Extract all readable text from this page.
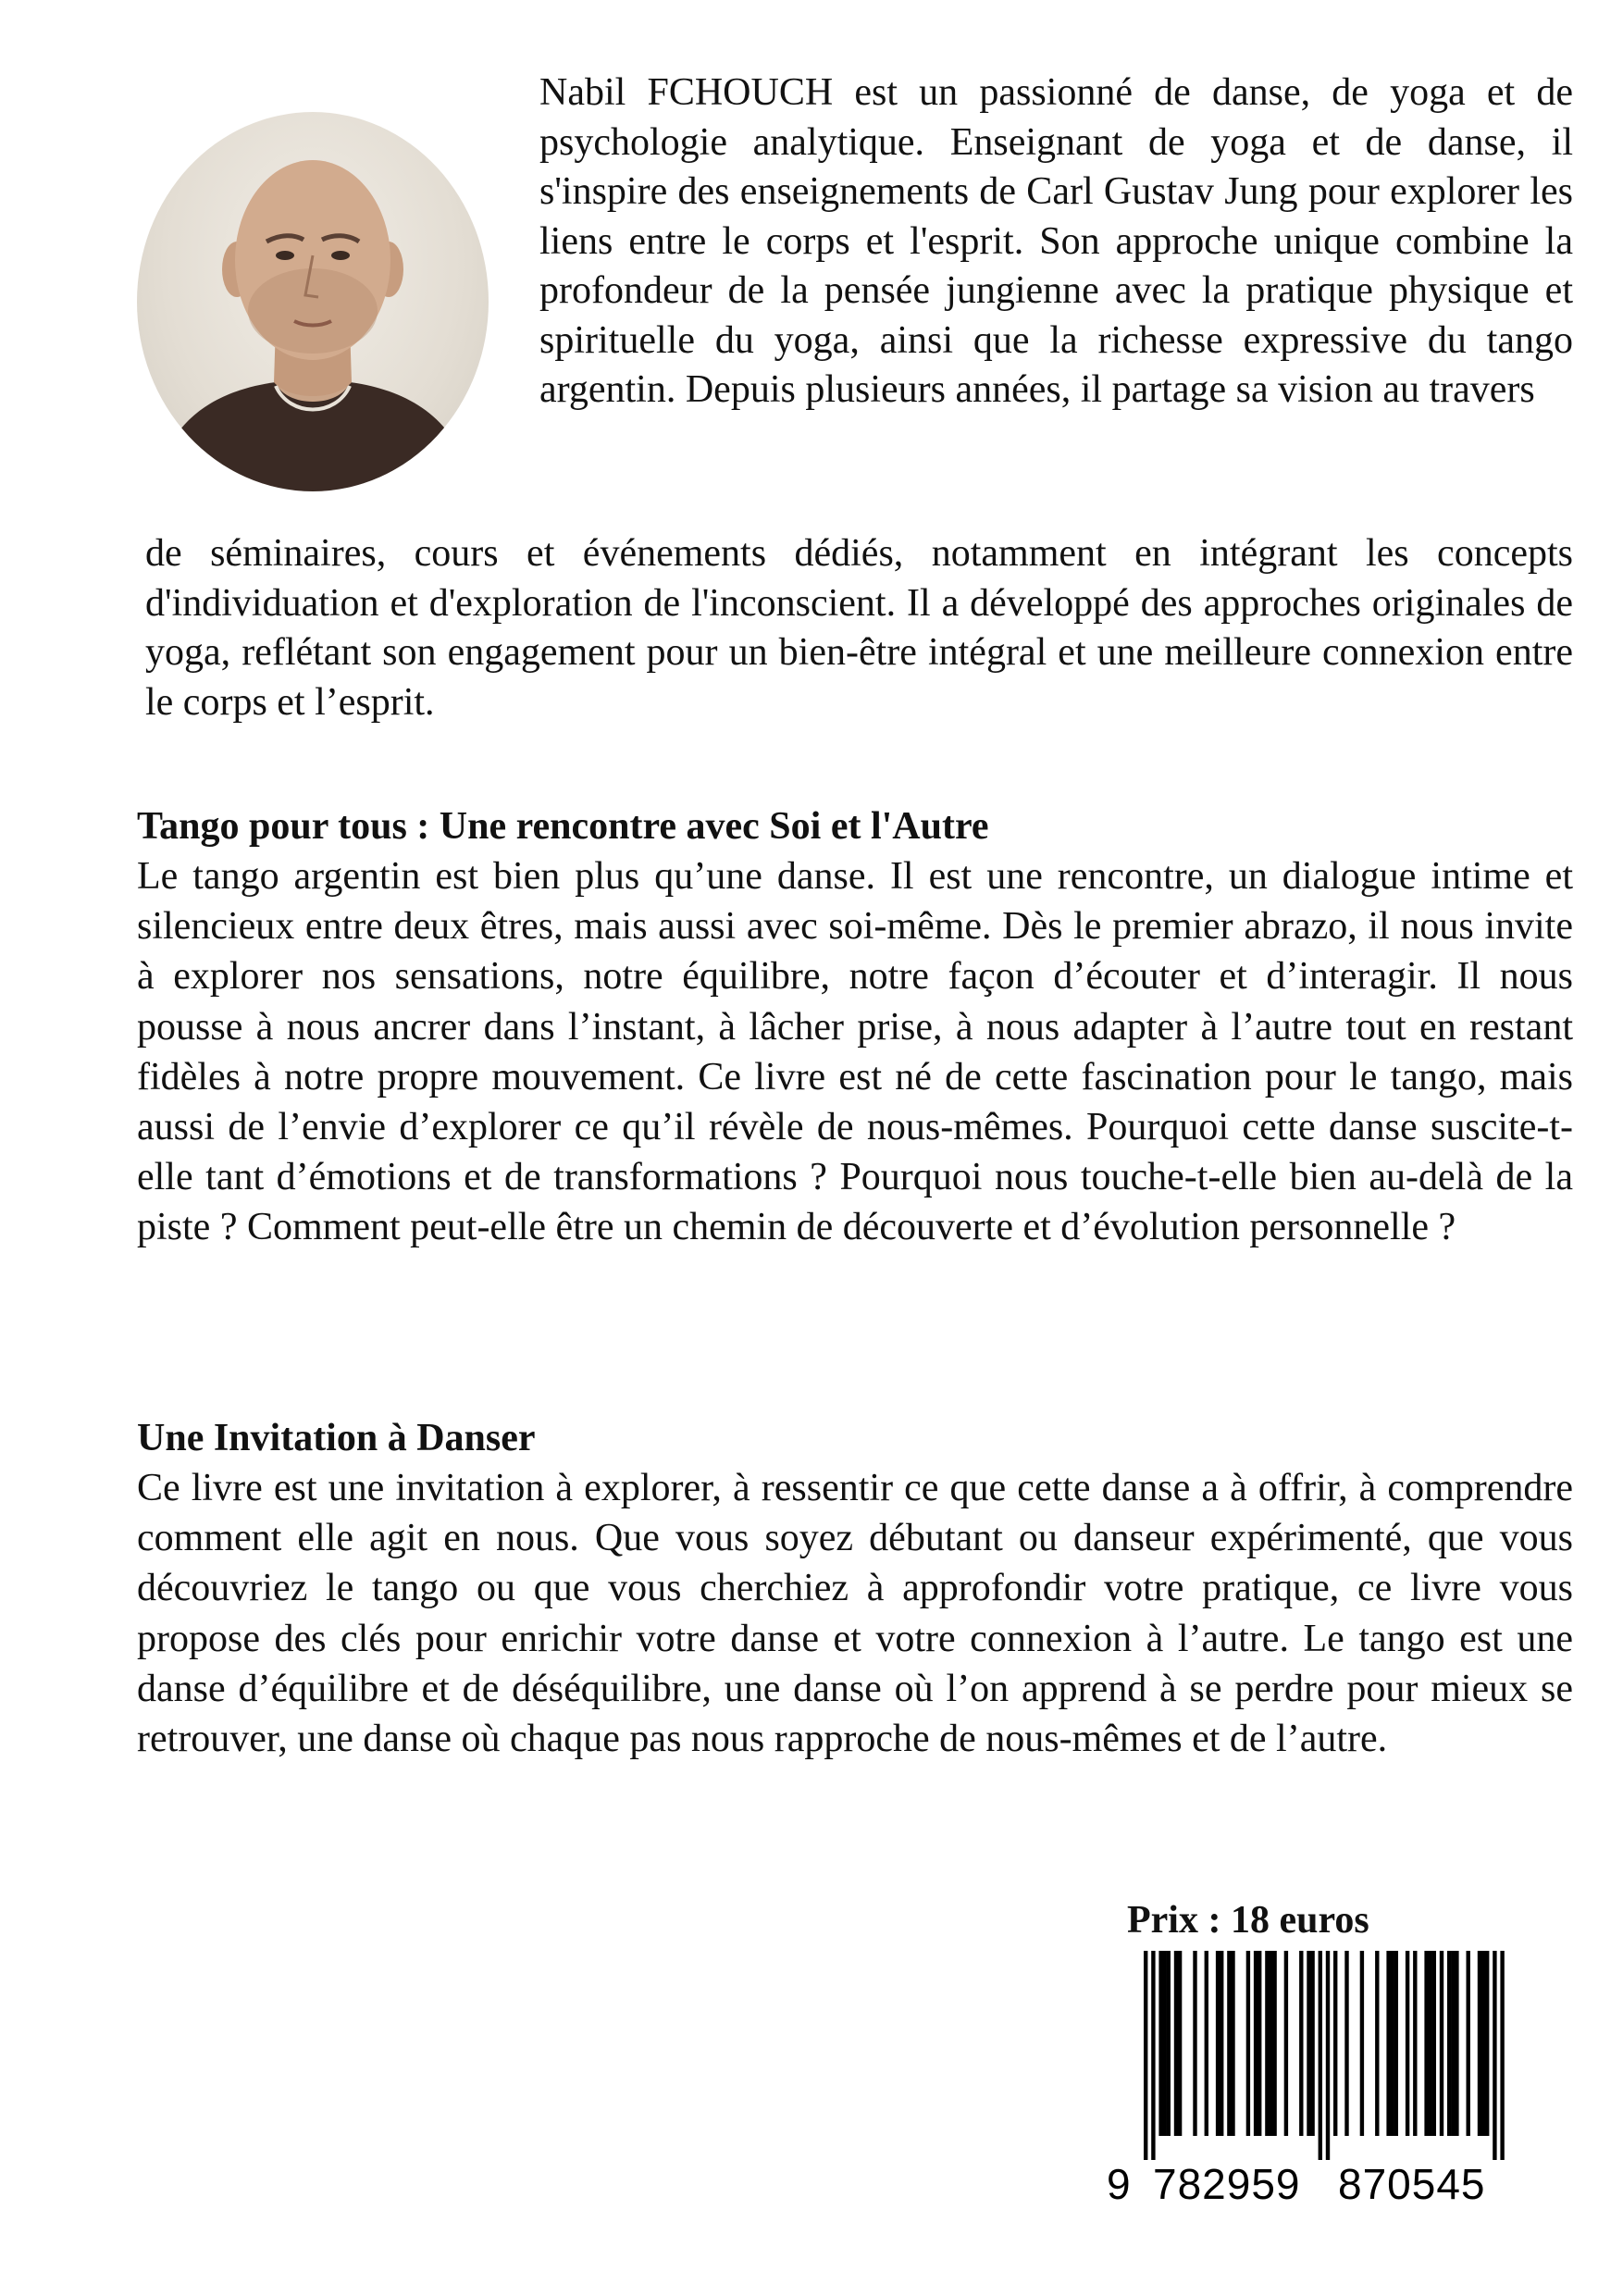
Nabil FCHOUCH est un passionné de danse, de yoga et de psychologie analytique. Enseignant de yoga et de danse, il s'inspire des enseignements de Carl Gustav Jung pour explorer les liens entre le corps et l'esprit. Son approche unique combine la profondeur de la pensée jungienne avec la pratique physique et spirituelle du yoga, ainsi que la richesse expressive du tango argentin. Depuis plusieurs années, il partage sa vision au travers

de séminaires, cours et événements dédiés, notamment en intégrant les concepts d'individuation et d'exploration de l'inconscient. Il a développé des approches originales de yoga, reflétant son engagement pour un bien-être intégral et une meilleure connexion entre le corps et l’esprit.

Tango pour tous : Une rencontre avec Soi et l'Autre

Le tango argentin est bien plus qu’une danse. Il est une rencontre, un dialogue intime et silencieux entre deux êtres, mais aussi avec soi-même. Dès le premier abrazo, il nous invite à explorer nos sensations, notre équilibre, notre façon d’écouter et d’interagir. Il nous pousse à nous ancrer dans l’instant, à lâcher prise, à nous adapter à l’autre tout en restant fidèles à notre propre mouvement. Ce livre est né de cette fascination pour le tango, mais aussi de l’envie d’explorer ce qu’il révèle de nous-mêmes. Pourquoi cette danse suscite-t-elle tant d’émotions et de transformations ? Pourquoi nous touche-t-elle bien au-delà de la piste ? Comment peut-elle être un chemin de découverte et d’évolution personnelle ?

Une Invitation à Danser

Ce livre est une invitation à explorer, à ressentir ce que cette danse a à offrir, à comprendre comment elle agit en nous. Que vous soyez débutant ou danseur expérimenté, que vous découvriez le tango ou que vous cherchiez à approfondir votre pratique, ce livre vous propose des clés pour enrichir votre danse et votre connexion à l’autre. Le tango est une danse d’équilibre et de déséquilibre, une danse où l’on apprend à se perdre pour mieux se retrouver, une danse où chaque pas nous rapproche de nous-mêmes et de l’autre.

Prix : 18 euros

9 782959 870545
